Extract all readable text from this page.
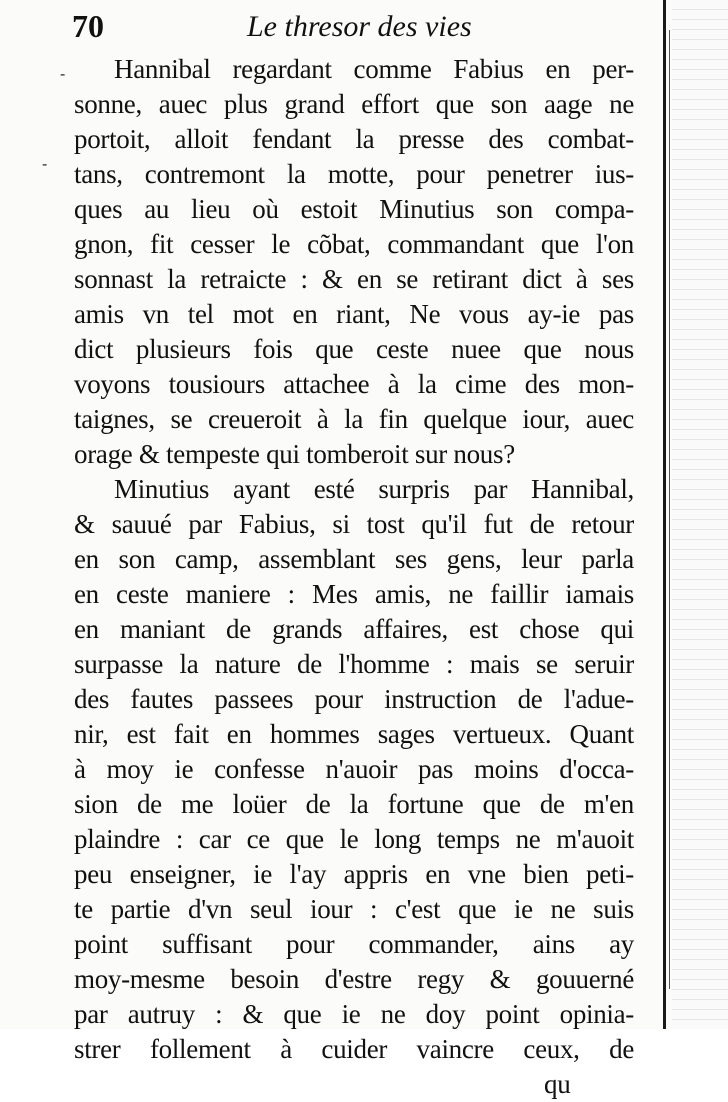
70	Le thresor des vies
-
-
Hannibal regardant comme Fabius en per-
sonne, auec plus grand effort que son aage ne
portoit, alloit fendant la presse des combat-
tans, contremont la motte, pour penetrer ius-
ques au lieu où estoit Minutius son compa-
gnon, fit cesser le cõbat, commandant que l'on
sonnast la retraicte : & en se retirant dict à ses
amis vn tel mot en riant, Ne vous ay-ie pas
dict plusieurs fois que ceste nuee que nous
voyons tousiours attachee à la cime des mon-
taignes, se creueroit à la fin quelque iour, auec
orage & tempeste qui tomberoit sur nous?
Minutius ayant esté surpris par Hannibal,
& sauué par Fabius, si tost qu'il fut de retour
en son camp, assemblant ses gens, leur parla
en ceste maniere : Mes amis, ne faillir iamais
en maniant de grands affaires, est chose qui
surpasse la nature de l'homme : mais se seruir
des fautes passees pour instruction de l'adue-
nir, est fait en hommes sages vertueux. Quant
à moy ie confesse n'auoir pas moins d'occa-
sion de me loüer de la fortune que de m'en
plaindre : car ce que le long temps ne m'auoit
peu enseigner, ie l'ay appris en vne bien peti-
te partie d'vn seul iour : c'est que ie ne suis
point suffisant pour commander, ains ay
moy-mesme besoin d'estre regy & gouuerné
par autruy : & que ie ne doy point opinia-
strer follement à cuider vaincre ceux, de
qu
